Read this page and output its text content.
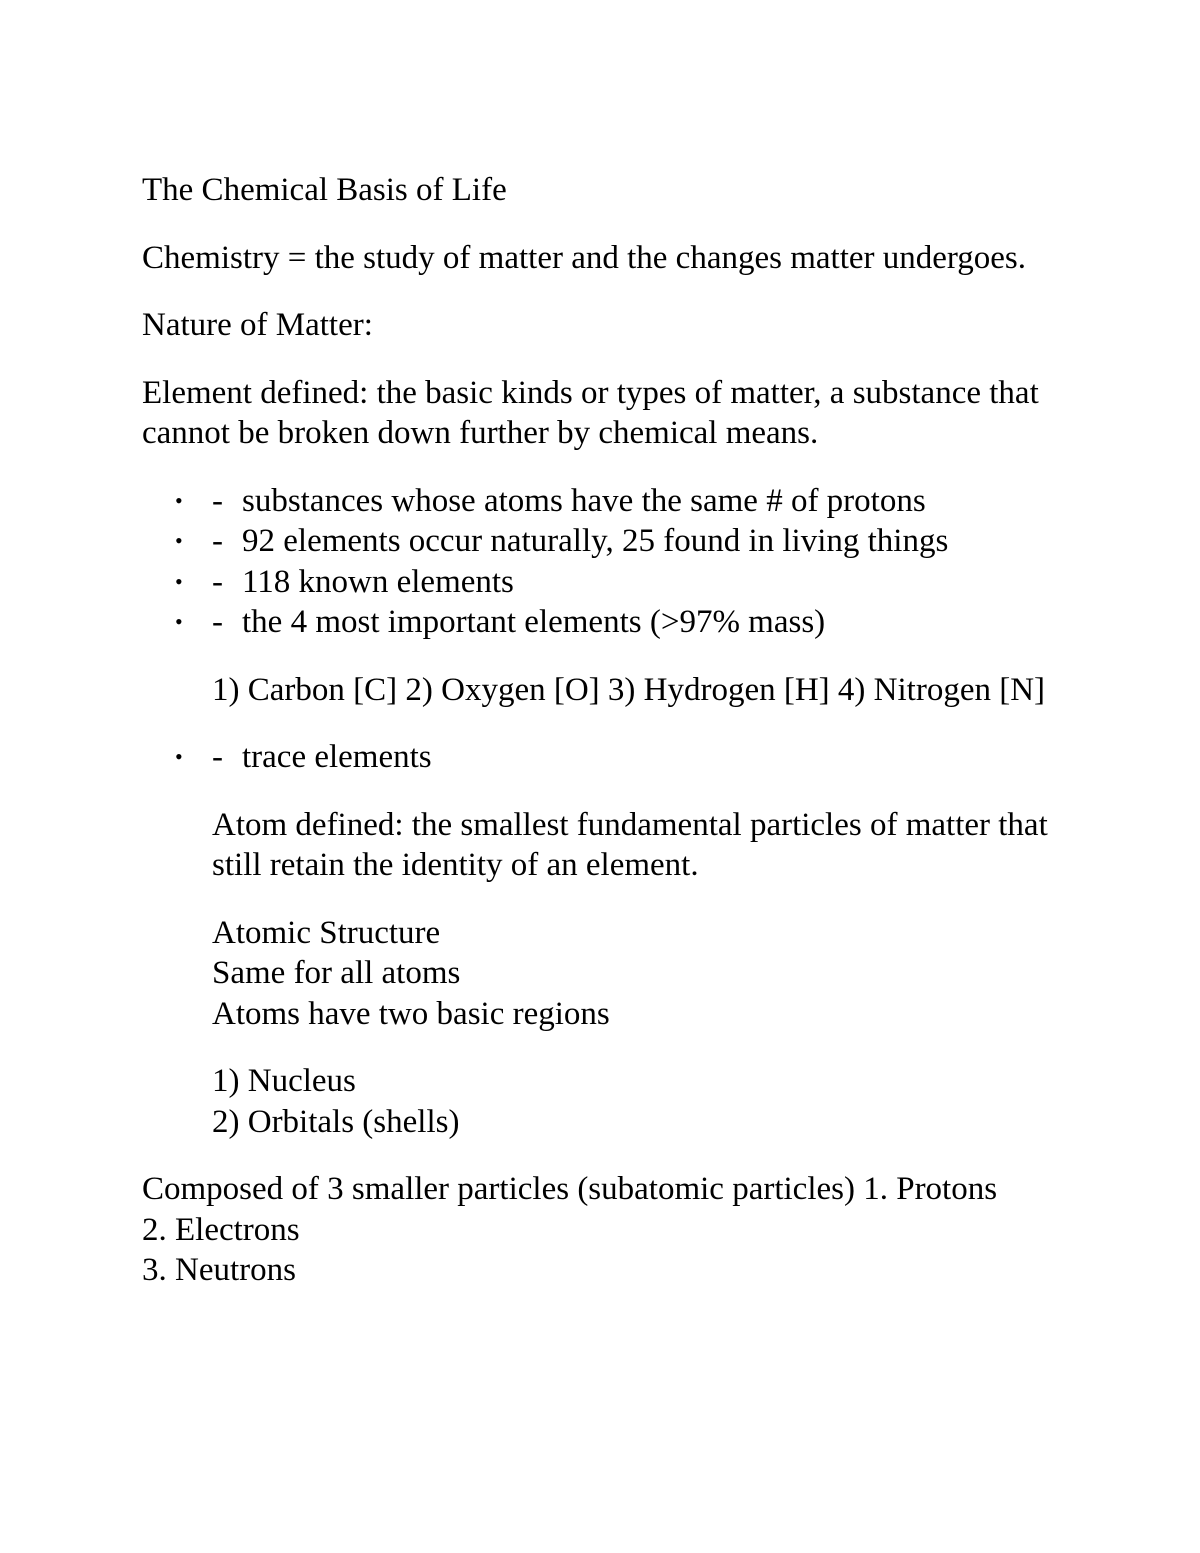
The Chemical Basis of Life

Chemistry = the study of matter and the changes matter undergoes.

Nature of Matter:

Element defined: the basic kinds or types of matter, a substance that cannot be broken down further by chemical means.

• - substances whose atoms have the same # of protons
• - 92 elements occur naturally, 25 found in living things
• - 118 known elements
• - the 4 most important elements (>97% mass)

1) Carbon [C] 2) Oxygen [O] 3) Hydrogen [H] 4) Nitrogen [N]

• - trace elements

Atom defined: the smallest fundamental particles of matter that still retain the identity of an element.

Atomic Structure
Same for all atoms
Atoms have two basic regions

1) Nucleus
2) Orbitals (shells)

Composed of 3 smaller particles (subatomic particles) 1. Protons
2. Electrons
3. Neutrons
